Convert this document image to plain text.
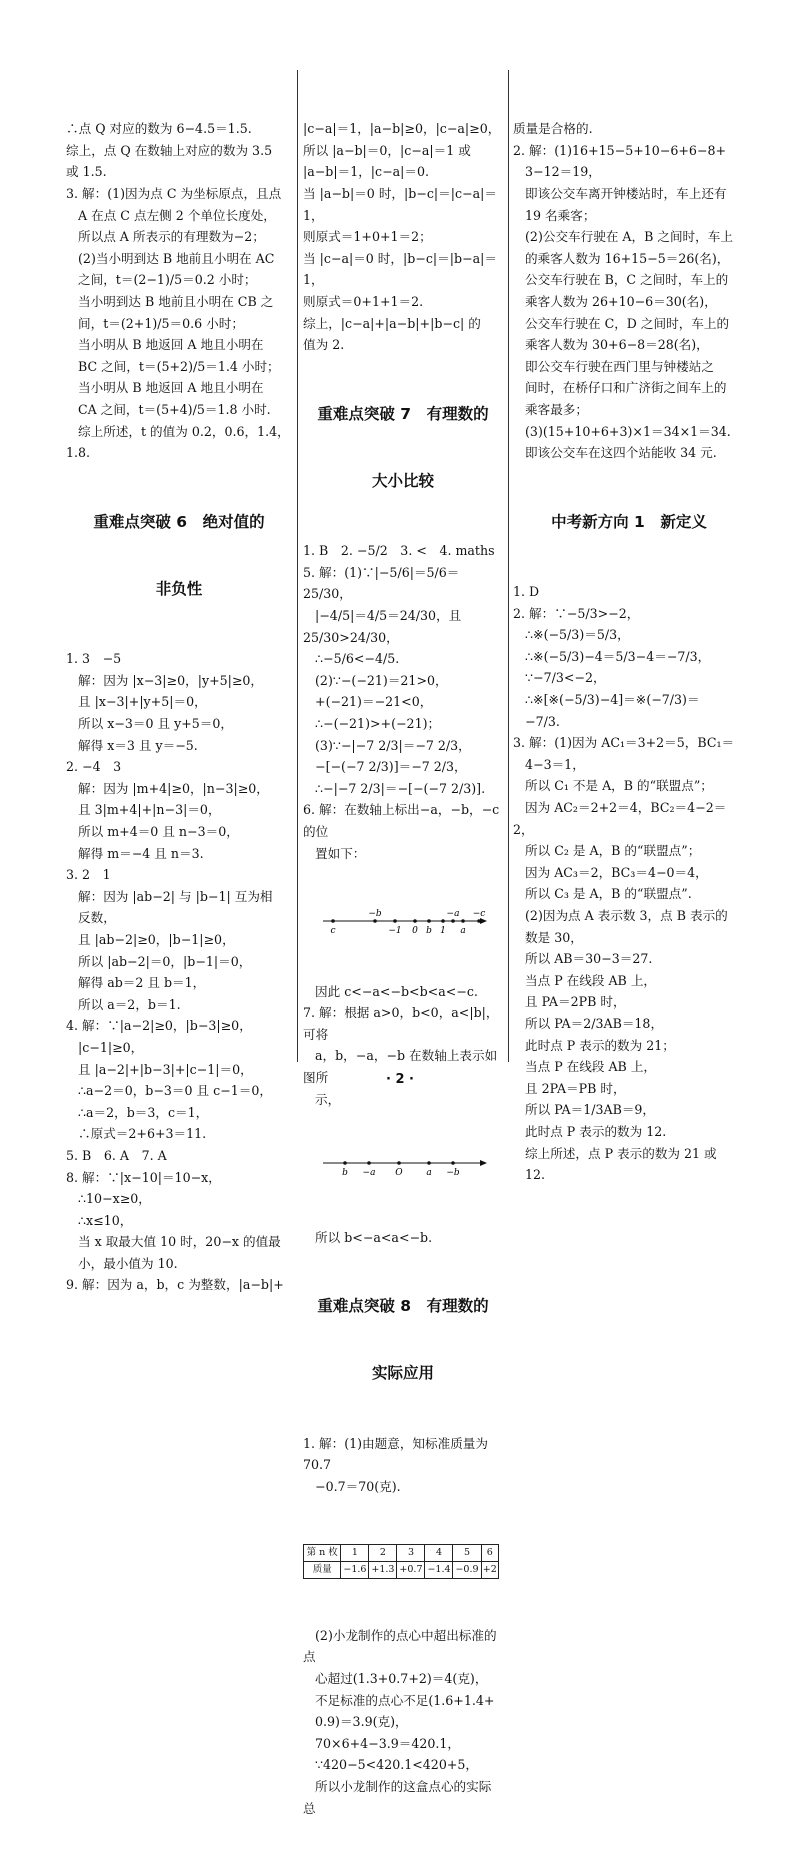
∴点 Q 对应的数为 6−4.5＝1.5.
综上，点 Q 在数轴上对应的数为 3.5
或 1.5.
3. 解：(1)因为点 C 为坐标原点，且点
A 在点 C 点左侧 2 个单位长度处，
所以点 A 所表示的有理数为−2；
(2)当小明到达 B 地前且小明在 AC
之间，t＝(2−1)/5＝0.2 小时；
当小明到达 B 地前且小明在 CB 之
间，t＝(2+1)/5＝0.6 小时；
当小明从 B 地返回 A 地且小明在
BC 之间，t＝(5+2)/5＝1.4 小时；
当小明从 B 地返回 A 地且小明在
CA 之间，t＝(5+4)/5＝1.8 小时.
综上所述，t 的值为 0.2，0.6，1.4，1.8.

重难点突破 6　绝对值的

非负性

1. 3　−5
解：因为 |x−3|≥0，|y+5|≥0，
且 |x−3|+|y+5|＝0，
所以 x−3＝0 且 y+5＝0，
解得 x＝3 且 y＝−5.
2. −4　3
解：因为 |m+4|≥0，|n−3|≥0，
且 3|m+4|+|n−3|＝0，
所以 m+4＝0 且 n−3＝0，
解得 m＝−4 且 n＝3.
3. 2　1
解：因为 |ab−2| 与 |b−1| 互为相
反数，
且 |ab−2|≥0，|b−1|≥0，
所以 |ab−2|＝0，|b−1|＝0，
解得 ab＝2 且 b＝1，
所以 a＝2，b＝1.
4. 解：∵|a−2|≥0，|b−3|≥0，
|c−1|≥0，
且 |a−2|+|b−3|+|c−1|＝0，
∴a−2＝0，b−3＝0 且 c−1＝0，
∴a＝2，b＝3，c＝1，
∴原式＝2+6+3＝11.
5. B　6. A　7. A
8. 解：∵|x−10|＝10−x，
∴10−x≥0，
∴x≤10，
当 x 取最大值 10 时，20−x 的值最
小，最小值为 10.
9. 解：因为 a，b，c 为整数，|a−b|+

|c−a|＝1，|a−b|≥0，|c−a|≥0，
所以 |a−b|＝0，|c−a|＝1 或
|a−b|＝1，|c−a|＝0.
当 |a−b|＝0 时，|b−c|＝|c−a|＝1，
则原式＝1+0+1＝2；
当 |c−a|＝0 时，|b−c|＝|b−a|＝1，
则原式＝0+1+1＝2.
综上，|c−a|+|a−b|+|b−c| 的
值为 2.

重难点突破 7　有理数的

大小比较

1. B　2. −5/2　3. <　4. maths
5. 解：(1)∵|−5/6|＝5/6＝25/30，
|−4/5|＝4/5＝24/30，且 25/30>24/30，
∴−5/6<−4/5.
(2)∵−(−21)＝21>0，
+(−21)＝−21<0，
∴−(−21)>+(−21)；
(3)∵−|−7 2/3|＝−7 2/3，
−[−(−7 2/3)]＝−7 2/3，
∴−|−7 2/3|＝−[−(−7 2/3)].
6. 解：在数轴上标出−a，−b，−c 的位
置如下：

c
−b
−1 0 b 1 a
−a −c

因此 c<−a<−b<b<a<−c.
7. 解：根据 a>0，b<0，a<|b|，可将
a，b，−a，−b 在数轴上表示如图所
示，

b −a O	a −b

所以 b<−a<a<−b.

重难点突破 8　有理数的

实际应用

1. 解：(1)由题意，知标准质量为 70.7
−0.7＝70(克).

第 n 枚	1	2	3	4	5	6
质量	−1.6	+1.3	+0.7	−1.4	−0.9	+2

(2)小龙制作的点心中超出标准的点
心超过(1.3+0.7+2)＝4(克)，
不足标准的点心不足(1.6+1.4+
0.9)＝3.9(克)，
70×6+4−3.9＝420.1，
∵420−5<420.1<420+5，
所以小龙制作的这盒点心的实际总

质量是合格的.
2. 解：(1)16+15−5+10−6+6−8+
3−12＝19，
即该公交车离开钟楼站时，车上还有
19 名乘客；
(2)公交车行驶在 A，B 之间时，车上
的乘客人数为 16+15−5＝26(名)，
公交车行驶在 B，C 之间时，车上的
乘客人数为 26+10−6＝30(名)，
公交车行驶在 C，D 之间时，车上的
乘客人数为 30+6−8＝28(名)，
即公交车行驶在西门里与钟楼站之
间时，在桥仔口和广济街之间车上的
乘客最多；
(3)(15+10+6+3)×1＝34×1＝34.
即该公交车在这四个站能收 34 元.

中考新方向 1　新定义

1. D
2. 解：∵−5/3>−2，
∴※(−5/3)＝5/3，
∴※(−5/3)−4＝5/3−4＝−7/3，
∵−7/3<−2，
∴※[※(−5/3)−4]＝※(−7/3)＝
−7/3.
3. 解：(1)因为 AC₁＝3+2＝5，BC₁＝
4−3＝1，
所以 C₁ 不是 A，B 的“联盟点”；
因为 AC₂＝2+2＝4，BC₂＝4−2＝2，
所以 C₂ 是 A，B 的“联盟点”；
因为 AC₃＝2，BC₃＝4−0＝4，
所以 C₃ 是 A，B 的“联盟点”.
(2)因为点 A 表示数 3，点 B 表示的
数是 30，
所以 AB＝30−3＝27.
当点 P 在线段 AB 上，
且 PA＝2PB 时，
所以 PA＝2/3AB＝18，
此时点 P 表示的数为 21；
当点 P 在线段 AB 上，
且 2PA＝PB 时，
所以 PA＝1/3AB＝9，
此时点 P 表示的数为 12.
综上所述，点 P 表示的数为 21 或
12.

· 2 ·
